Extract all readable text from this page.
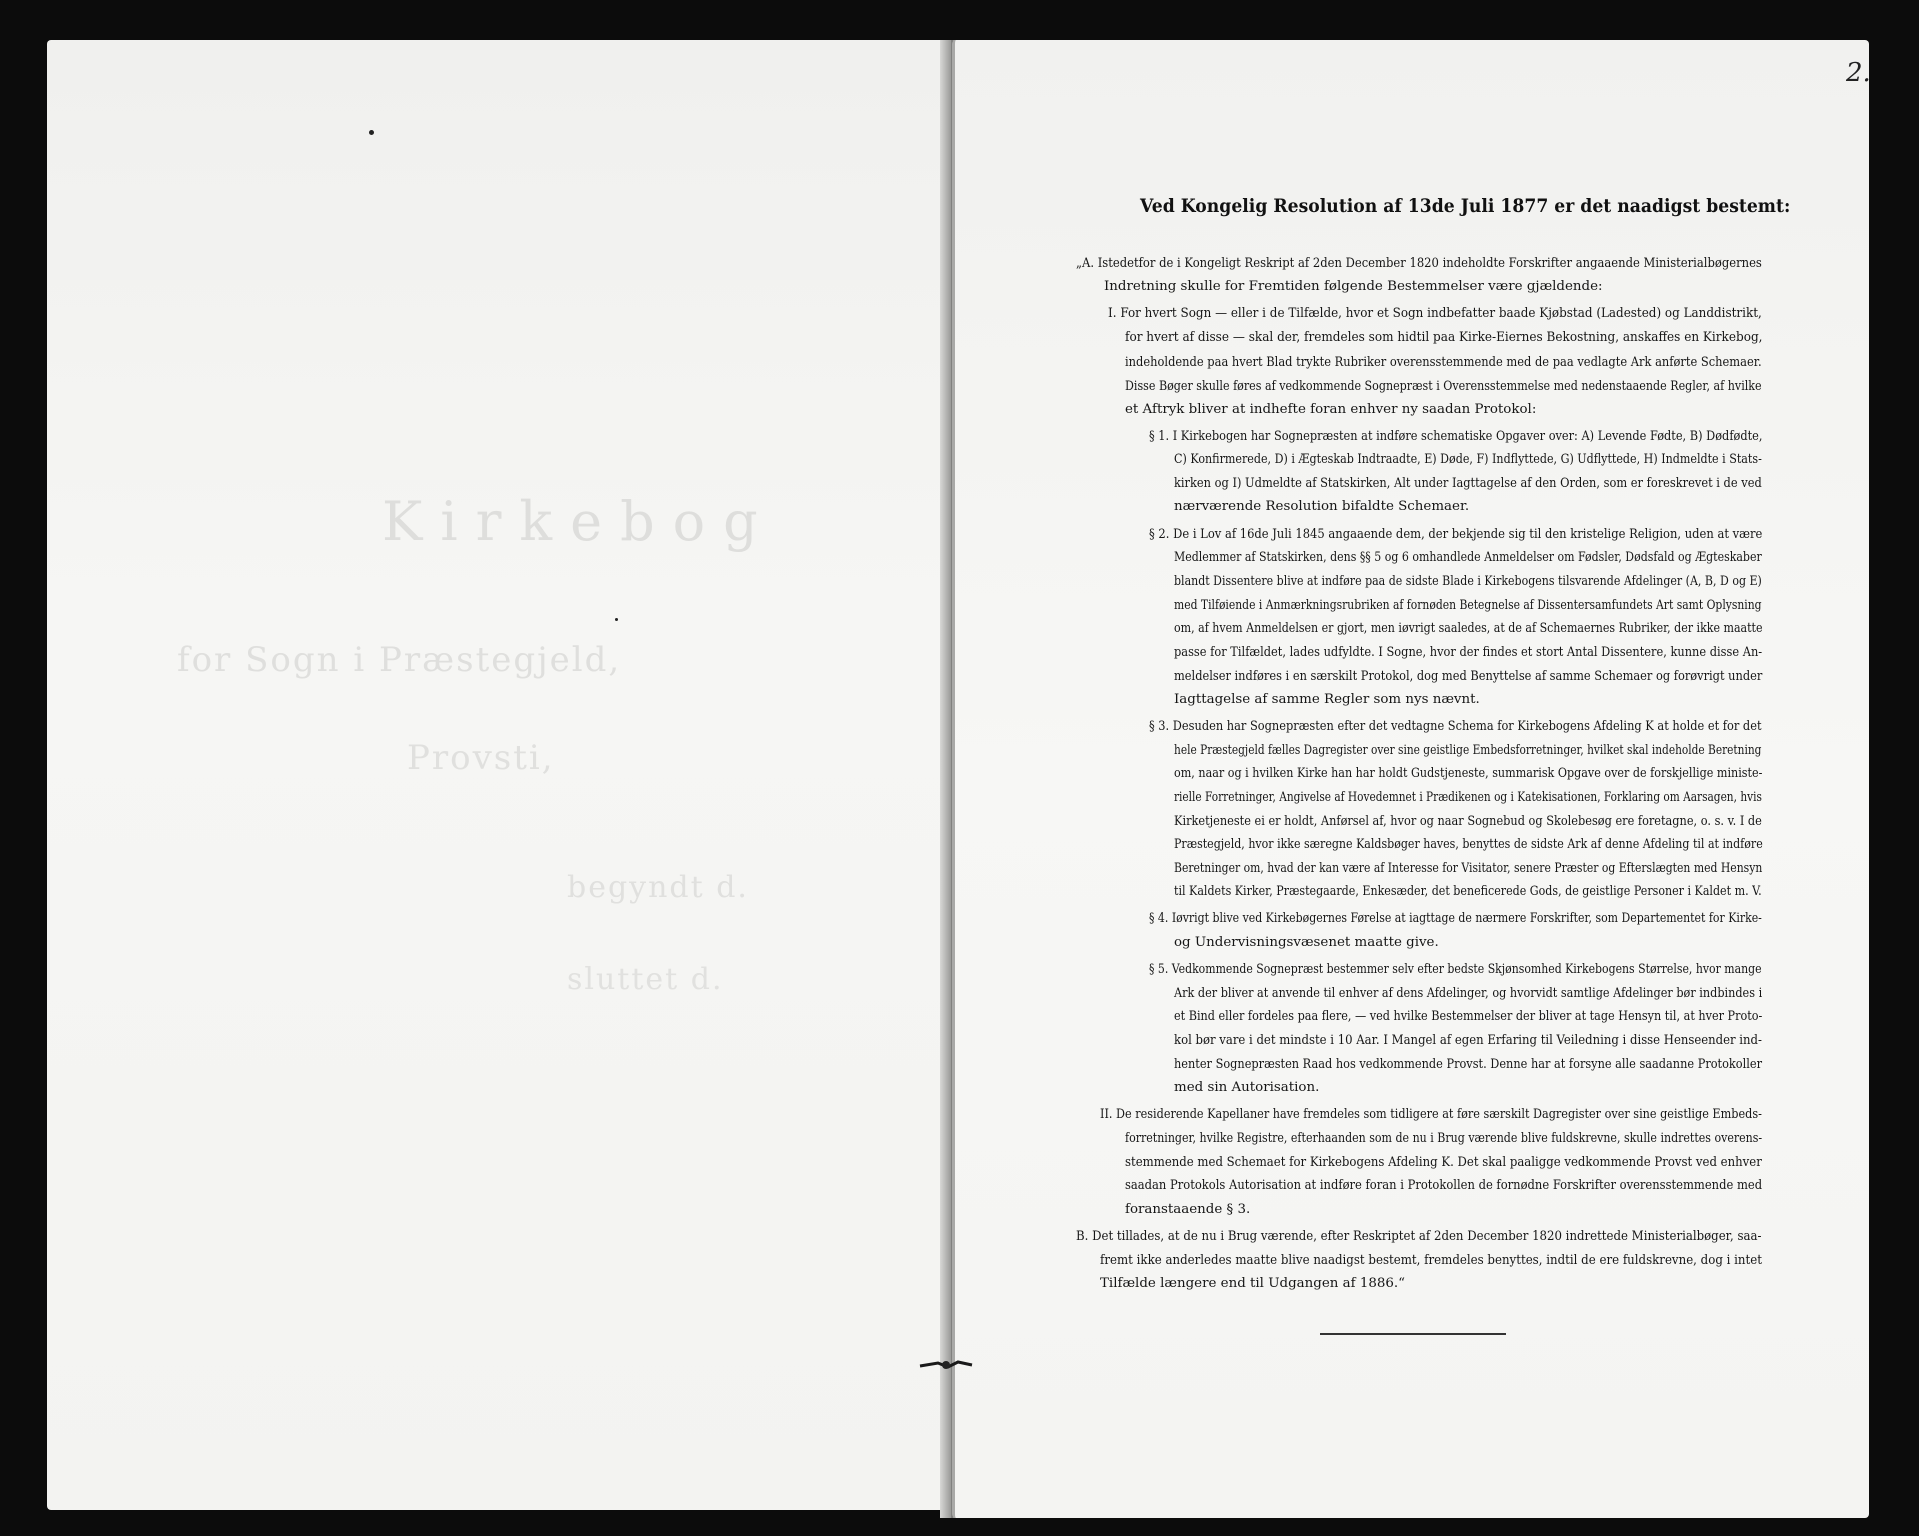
Kirkebog
for Sogn i Præstegjeld,
Provsti,
begyndt d.
sluttet d.
2.
Ved Kongelig Resolution af 13de Juli 1877 er det naadigst bestemt:
„A. Istedetfor de i Kongeligt Reskript af 2den December 1820 indeholdte Forskrifter angaaende Ministerialbøgernes
Indretning skulle for Fremtiden følgende Bestemmelser være gjældende:
I. For hvert Sogn — eller i de Tilfælde, hvor et Sogn indbefatter baade Kjøbstad (Ladested) og Landdistrikt,
for hvert af disse — skal der, fremdeles som hidtil paa Kirke-Eiernes Bekostning, anskaffes en Kirkebog,
indeholdende paa hvert Blad trykte Rubriker overensstemmende med de paa vedlagte Ark anførte Schemaer.
Disse Bøger skulle føres af vedkommende Sognepræst i Overensstemmelse med nedenstaaende Regler, af hvilke
et Aftryk bliver at indhefte foran enhver ny saadan Protokol:
§ 1. I Kirkebogen har Sognepræsten at indføre schematiske Opgaver over: A) Levende Fødte, B) Dødfødte,
C) Konfirmerede, D) i Ægteskab Indtraadte, E) Døde, F) Indflyttede, G) Udflyttede, H) Indmeldte i Stats-
kirken og I) Udmeldte af Statskirken, Alt under Iagttagelse af den Orden, som er foreskrevet i de ved
nærværende Resolution bifaldte Schemaer.
§ 2. De i Lov af 16de Juli 1845 angaaende dem, der bekjende sig til den kristelige Religion, uden at være
Medlemmer af Statskirken, dens §§ 5 og 6 omhandlede Anmeldelser om Fødsler, Dødsfald og Ægteskaber
blandt Dissentere blive at indføre paa de sidste Blade i Kirkebogens tilsvarende Afdelinger (A, B, D og E)
med Tilføiende i Anmærkningsrubriken af fornøden Betegnelse af Dissentersamfundets Art samt Oplysning
om, af hvem Anmeldelsen er gjort, men iøvrigt saaledes, at de af Schemaernes Rubriker, der ikke maatte
passe for Tilfældet, lades udfyldte. I Sogne, hvor der findes et stort Antal Dissentere, kunne disse An-
meldelser indføres i en særskilt Protokol, dog med Benyttelse af samme Schemaer og forøvrigt under
Iagttagelse af samme Regler som nys nævnt.
§ 3. Desuden har Sognepræsten efter det vedtagne Schema for Kirkebogens Afdeling K at holde et for det
hele Præstegjeld fælles Dagregister over sine geistlige Embedsforretninger, hvilket skal indeholde Beretning
om, naar og i hvilken Kirke han har holdt Gudstjeneste, summarisk Opgave over de forskjellige ministe-
rielle Forretninger, Angivelse af Hovedemnet i Prædikenen og i Katekisationen, Forklaring om Aarsagen, hvis
Kirketjeneste ei er holdt, Anførsel af, hvor og naar Sognebud og Skolebesøg ere foretagne, o. s. v. I de
Præstegjeld, hvor ikke særegne Kaldsbøger haves, benyttes de sidste Ark af denne Afdeling til at indføre
Beretninger om, hvad der kan være af Interesse for Visitator, senere Præster og Efterslægten med Hensyn
til Kaldets Kirker, Præstegaarde, Enkesæder, det beneficerede Gods, de geistlige Personer i Kaldet m. V.
§ 4. Iøvrigt blive ved Kirkebøgernes Førelse at iagttage de nærmere Forskrifter, som Departementet for Kirke-
og Undervisningsvæsenet maatte give.
§ 5. Vedkommende Sognepræst bestemmer selv efter bedste Skjønsomhed Kirkebogens Størrelse, hvor mange
Ark der bliver at anvende til enhver af dens Afdelinger, og hvorvidt samtlige Afdelinger bør indbindes i
et Bind eller fordeles paa flere, — ved hvilke Bestemmelser der bliver at tage Hensyn til, at hver Proto-
kol bør vare i det mindste i 10 Aar. I Mangel af egen Erfaring til Veiledning i disse Henseender ind-
henter Sognepræsten Raad hos vedkommende Provst. Denne har at forsyne alle saadanne Protokoller
med sin Autorisation.
II. De residerende Kapellaner have fremdeles som tidligere at føre særskilt Dagregister over sine geistlige Embeds-
forretninger, hvilke Registre, efterhaanden som de nu i Brug værende blive fuldskrevne, skulle indrettes overens-
stemmende med Schemaet for Kirkebogens Afdeling K. Det skal paaligge vedkommende Provst ved enhver
saadan Protokols Autorisation at indføre foran i Protokollen de fornødne Forskrifter overensstemmende med
foranstaaende § 3.
B. Det tillades, at de nu i Brug værende, efter Reskriptet af 2den December 1820 indrettede Ministerialbøger, saa-
fremt ikke anderledes maatte blive naadigst bestemt, fremdeles benyttes, indtil de ere fuldskrevne, dog i intet
Tilfælde længere end til Udgangen af 1886.“
